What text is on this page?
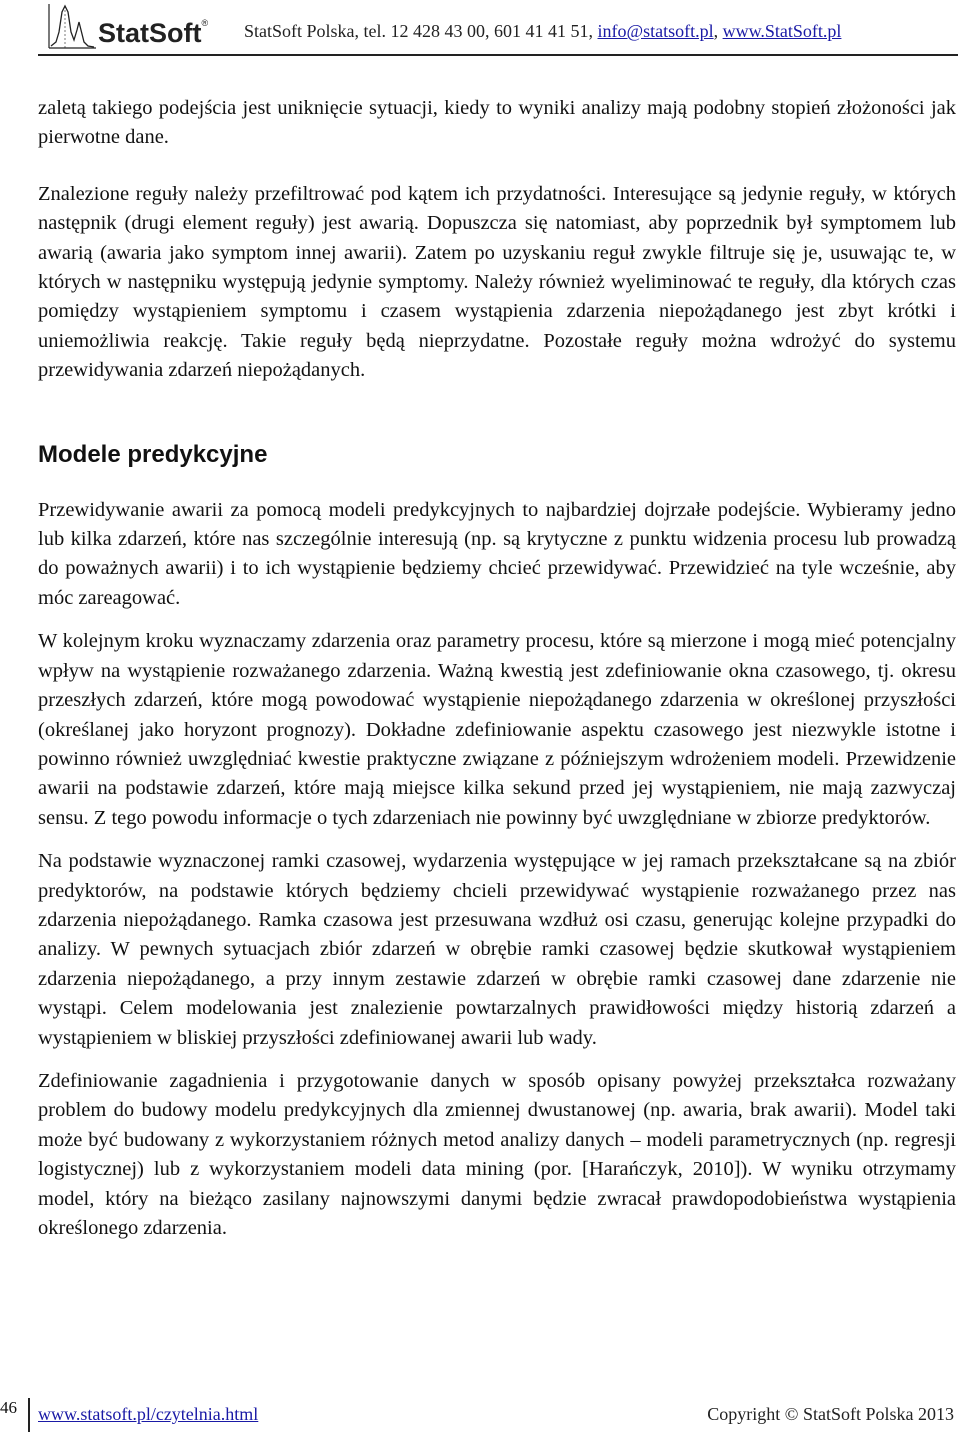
StatSoft® StatSoft Polska, tel. 12 428 43 00, 601 41 41 51, info@statsoft.pl, www.StatSoft.pl

zaletą takiego podejścia jest uniknięcie sytuacji, kiedy to wyniki analizy mają podobny stopień złożoności jak pierwotne dane.

Znalezione reguły należy przefiltrować pod kątem ich przydatności. Interesujące są jedynie reguły, w których następnik (drugi element reguły) jest awarią. Dopuszcza się natomiast, aby poprzednik był symptomem lub awarią (awaria jako symptom innej awarii). Zatem po uzyskaniu reguł zwykle filtruje się je, usuwając te, w których w następniku występują jedynie symptomy. Należy również wyeliminować te reguły, dla których czas pomiędzy wystąpieniem symptomu i czasem wystąpienia zdarzenia niepożądanego jest zbyt krótki i uniemożliwia reakcję. Takie reguły będą nieprzydatne. Pozostałe reguły można wdrożyć do systemu przewidywania zdarzeń niepożądanych.

Modele predykcyjne

Przewidywanie awarii za pomocą modeli predykcyjnych to najbardziej dojrzałe podejście. Wybieramy jedno lub kilka zdarzeń, które nas szczególnie interesują (np. są krytyczne z punktu widzenia procesu lub prowadzą do poważnych awarii) i to ich wystąpienie będziemy chcieć przewidywać. Przewidzieć na tyle wcześnie, aby móc zareagować.

W kolejnym kroku wyznaczamy zdarzenia oraz parametry procesu, które są mierzone i mogą mieć potencjalny wpływ na wystąpienie rozważanego zdarzenia. Ważną kwestią jest zdefiniowanie okna czasowego, tj. okresu przeszłych zdarzeń, które mogą powodować wystąpienie niepożądanego zdarzenia w określonej przyszłości (określanej jako horyzont prognozy). Dokładne zdefiniowanie aspektu czasowego jest niezwykle istotne i powinno również uwzględniać kwestie praktyczne związane z późniejszym wdrożeniem modeli. Przewidzenie awarii na podstawie zdarzeń, które mają miejsce kilka sekund przed jej wystąpieniem, nie mają zazwyczaj sensu. Z tego powodu informacje o tych zdarzeniach nie powinny być uwzględniane w zbiorze predyktorów.

Na podstawie wyznaczonej ramki czasowej, wydarzenia występujące w jej ramach przekształcane są na zbiór predyktorów, na podstawie których będziemy chcieli przewidywać wystąpienie rozważanego przez nas zdarzenia niepożądanego. Ramka czasowa jest przesuwana wzdłuż osi czasu, generując kolejne przypadki do analizy. W pewnych sytuacjach zbiór zdarzeń w obrębie ramki czasowej będzie skutkował wystąpieniem zdarzenia niepożądanego, a przy innym zestawie zdarzeń w obrębie ramki czasowej dane zdarzenie nie wystąpi. Celem modelowania jest znalezienie powtarzalnych prawidłowości między historią zdarzeń a wystąpieniem w bliskiej przyszłości zdefiniowanej awarii lub wady.

Zdefiniowanie zagadnienia i przygotowanie danych w sposób opisany powyżej przekształca rozważany problem do budowy modelu predykcyjnych dla zmiennej dwustanowej (np. awaria, brak awarii). Model taki może być budowany z wykorzystaniem różnych metod analizy danych – modeli parametrycznych (np. regresji logistycznej) lub z wykorzystaniem modeli data mining (por. [Harańczyk, 2010]). W wyniku otrzymamy model, który na bieżąco zasilany najnowszymi danymi będzie zwracał prawdopodobieństwa wystąpienia określonego zdarzenia.

46 www.statsoft.pl/czytelnia.html	Copyright © StatSoft Polska 2013
